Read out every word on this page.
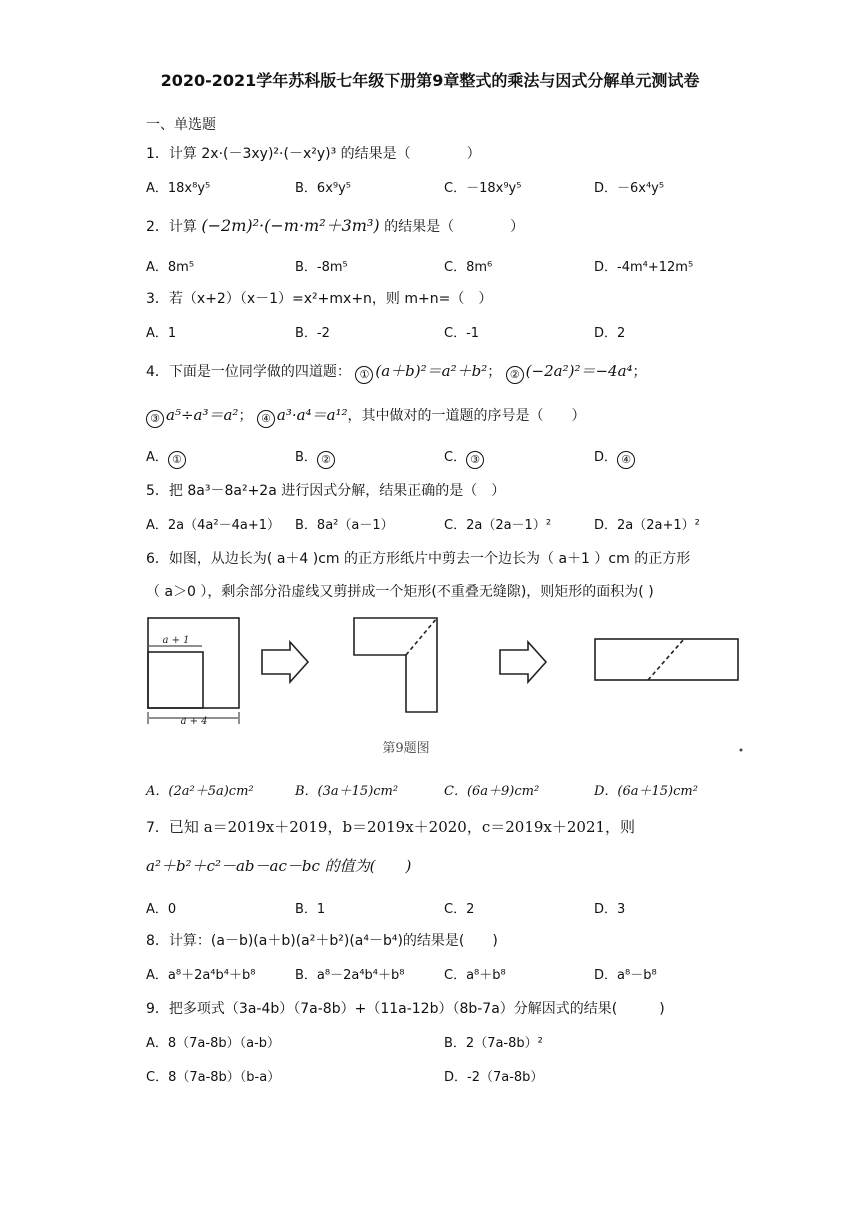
2020-2021学年苏科版七年级下册第9章整式的乘法与因式分解单元测试卷
一、单选题
1．计算 2x·(－3xy)²·(－x²y)³ 的结果是（　　　　）
A．18x⁸y⁵	B．6x⁹y⁵	C．－18x⁹y⁵	D．－6x⁴y⁵
2．计算 (−2m)²·(−m·m²＋3m³) 的结果是（　　　　）
A．8m⁵	B．-8m⁵	C．8m⁶	D．-4m⁴+12m⁵
3．若（x+2）（x－1）=x²+mx+n，则 m+n=（　）
A．1	B．-2	C．-1	D．2
4．下面是一位同学做的四道题： ① (a＋b)²＝a²＋b²； ② (−2a²)²＝−4a⁴；
③ a⁵÷a³＝a²； ④ a³·a⁴＝a¹²，其中做对的一道题的序号是（　　）
A． ①	B． ②	C． ③	D． ④
5．把 8a³－8a²+2a 进行因式分解，结果正确的是（　）
A．2a（4a²－4a+1） B．8a²（a－1）	C．2a（2a－1）²	D．2a（2a+1）²
6．如图，从边长为( a＋4 )cm 的正方形纸片中剪去一个边长为（ a＋1 ）cm 的正方形
（ a＞0 ），剩余部分沿虚线又剪拼成一个矩形(不重叠无缝隙)，则矩形的面积为( )
a + 1
a + 4
第9题图
A．(2a²＋5a)cm²	B．(3a＋15)cm²	C．(6a＋9)cm²	D．(6a＋15)cm²
7．已知 a＝2019x＋2019，b＝2019x＋2020，c＝2019x＋2021，则
a²＋b²＋c²－ab－ac－bc 的值为(　　)
A．0	B．1	C．2	D．3
8．计算：(a－b)(a＋b)(a²＋b²)(a⁴－b⁴)的结果是(　　)
A．a⁸＋2a⁴b⁴＋b⁸	B．a⁸－2a⁴b⁴＋b⁸	C．a⁸＋b⁸	D．a⁸－b⁸
9．把多项式（3a-4b）（7a-8b）+（11a-12b）（8b-7a）分解因式的结果(　　　)
A．8（7a-8b）（a-b）	B．2（7a-8b）²
C．8（7a-8b）（b-a）	D．-2（7a-8b）
